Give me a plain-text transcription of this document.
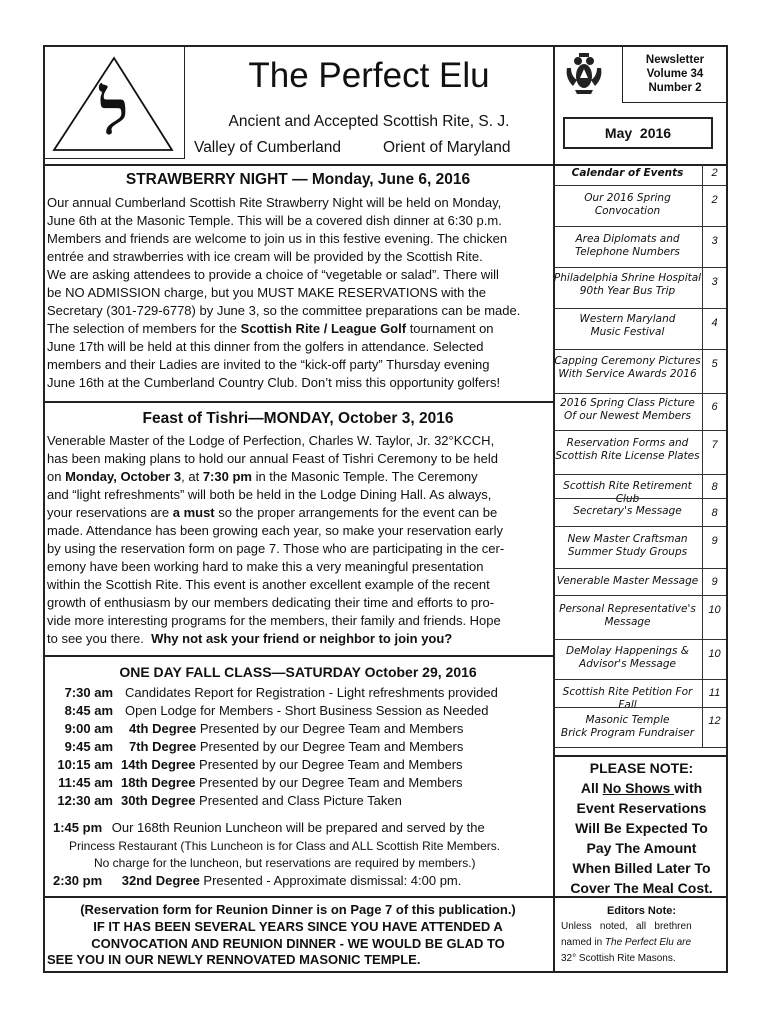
ל
The Perfect Elu
Ancient and Accepted Scottish Rite, S. J.
Valley of Cumberland	Orient of Maryland
Newsletter
Volume 34
Number 2
May  2016
STRAWBERRY NIGHT — Monday, June 6, 2016
Our annual Cumberland Scottish Rite Strawberry Night will be held on Monday,
June 6th at the Masonic Temple. This will be a covered dish dinner at 6:30 p.m.
Members and friends are welcome to join us in this festive evening. The chicken
entrée and strawberries with ice cream will be provided by the Scottish Rite.
We are asking attendees to provide a choice of “vegetable or salad”. There will
be NO ADMISSION charge, but you MUST MAKE RESERVATIONS with the
Secretary (301-729-6778) by June 3, so the committee preparations can be made.
The selection of members for the Scottish Rite / League Golf tournament on
June 17th will be held at this dinner from the golfers in attendance. Selected
members and their Ladies are invited to the “kick-off party” Thursday evening
June 16th at the Cumberland Country Club. Don’t miss this opportunity golfers!
Feast of Tishri—MONDAY, October 3, 2016
Venerable Master of the Lodge of Perfection, Charles W. Taylor, Jr. 32°KCCH,
has been making plans to hold our annual Feast of Tishri Ceremony to be held
on Monday, October 3, at 7:30 pm in the Masonic Temple. The Ceremony
and “light refreshments” will both be held in the Lodge Dining Hall. As always,
your reservations are a must so the proper arrangements for the event can be
made. Attendance has been growing each year, so make your reservation early
by using the reservation form on page 7. Those who are participating in the cer-
emony have been working hard to make this a very meaningful presentation
within the Scottish Rite. This event is another excellent example of the recent
growth of enthusiasm by our members dedicating their time and efforts to pro-
vide more interesting programs for the members, their family and friends. Hope
to see you there.  Why not ask your friend or neighbor to join you?
ONE DAY FALL CLASS—SATURDAY October 29, 2016
7:30 am Candidates Report for Registration - Light refreshments provided
8:45 am Open Lodge for Members - Short Business Session as Needed
9:00 am 4th Degree Presented by our Degree Team and Members
9:45 am 7th Degree Presented by our Degree Team and Members
10:15 am 14th Degree Presented by our Degree Team and Members
11:45 am 18th Degree Presented by our Degree Team and Members
12:30 am 30th Degree Presented and Class Picture Taken
1:45 pm Our 168th Reunion Luncheon will be prepared and served by the
Princess Restaurant (This Luncheon is for Class and ALL Scottish Rite Members.
No charge for the luncheon, but reservations are required by members.)
2:30 pm 32nd Degree Presented - Approximate dismissal: 4:00 pm.
(Reservation form for Reunion Dinner is on Page 7 of this publication.)
IF IT HAS BEEN SEVERAL YEARS SINCE YOU HAVE ATTENDED A
CONVOCATION AND REUNION DINNER - WE WOULD BE GLAD TO
SEE YOU IN OUR NEWLY RENNOVATED MASONIC TEMPLE.
Calendar of Events	2
Our 2016 Spring
Convocation
2
Area Diplomats and
Telephone Numbers
3
Philadelphia Shrine Hospital
90th Year Bus Trip
3
Western Maryland
Music Festival
4
Capping Ceremony Pictures
With Service Awards 2016
5
2016 Spring Class Picture
Of our Newest Members
6
Reservation Forms and
Scottish Rite License Plates
7
Scottish Rite Retirement Club
8
Secretary's Message	8
New Master Craftsman
Summer Study Groups
9
Venerable Master Message	9
Personal Representative's
Message
10
DeMolay Happenings &
Advisor's Message
10
Scottish Rite Petition For Fall
11
Masonic Temple
Brick Program Fundraiser
12
PLEASE NOTE:
All No Shows with
Event Reservations
Will Be Expected To
Pay The Amount
When Billed Later To
Cover The Meal Cost.
Editors Note:
Unless   noted,   all   brethren
named in The Perfect Elu are
32° Scottish Rite Masons.
